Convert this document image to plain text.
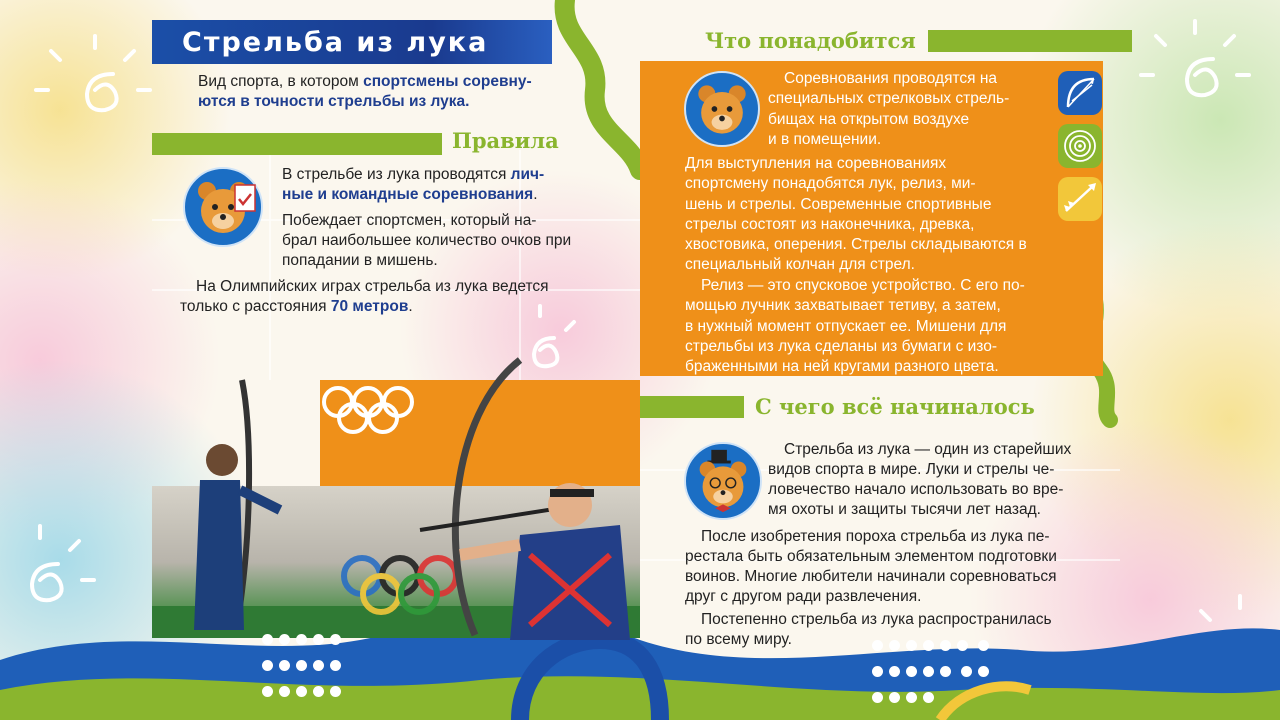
Стрельба из лука

Вид спорта, в котором спортсмены соревну-
ются в точности стрельбы из лука.

Правила

В стрельбе из лука проводятся лич-

ные и командные соревнования.

Побеждает спортсмен, который на-

брал наибольшее количество очков при

попадании в мишень.

На Олимпийских играх стрельба из лука ведется

только с расстояния 70 метров.

Что понадобится

Соревнования проводятся на

специальных стрелковых стрель-

бищах на открытом воздухе

и в помещении.

Для выступления на соревнованиях

спортсмену понадобятся лук, релиз, ми-

шень и стрелы. Современные спортивные

стрелы состоят из наконечника, древка,

хвостовика, оперения. Стрелы складываются в

специальный колчан для стрел.

Релиз — это спусковое устройство. С его по-

мощью лучник захватывает тетиву, а затем,

в нужный момент отпускает ее. Мишени для

стрельбы из лука сделаны из бумаги с изо-

браженными на ней кругами разного цвета.

С чего всё начиналось

Стрельба из лука — один из старейших

видов спорта в мире. Луки и стрелы че-

ловечество начало использовать во вре-

мя охоты и защиты тысячи лет назад.

После изобретения пороха стрельба из лука пе-

рестала быть обязательным элементом подготовки

воинов. Многие любители начинали соревноваться

друг с другом ради развлечения.

Постепенно стрельба из лука распространилась

по всему миру.
